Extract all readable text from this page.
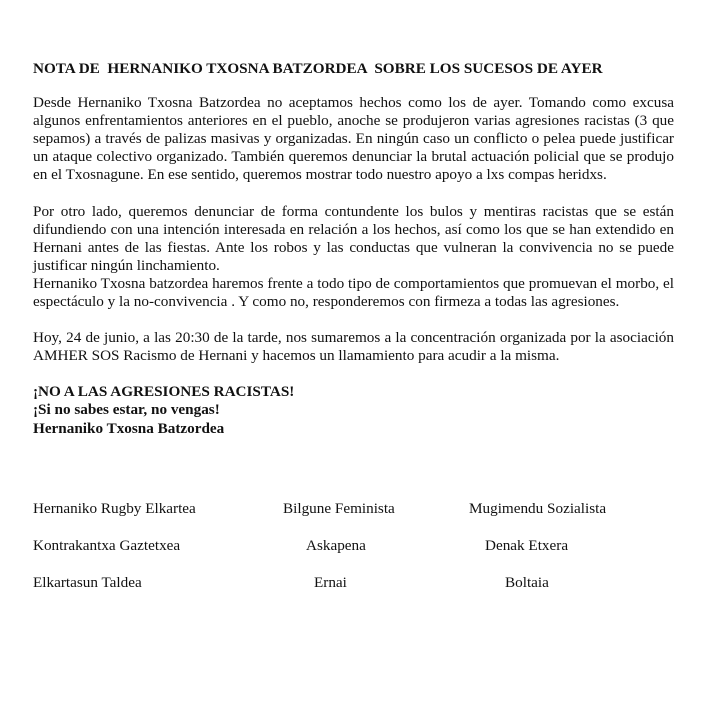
NOTA DE  HERNANIKO TXOSNA BATZORDEA  SOBRE LOS SUCESOS DE AYER

Desde Hernaniko Txosna Batzordea no aceptamos hechos como los de ayer. Tomando como excusa algunos enfrentamientos anteriores en el pueblo, anoche se produjeron varias agresiones racistas (3 que sepamos) a través de palizas masivas y organizadas. En ningún caso un conflicto o pelea puede justificar un ataque colectivo organizado. También queremos denunciar la brutal actuación policial que se produjo en el Txosnagune. En ese sentido, queremos mostrar todo nuestro apoyo a lxs compas heridxs.

Por otro lado, queremos denunciar de forma contundente los bulos y mentiras racistas que se están difundiendo con una intención interesada en relación a los hechos, así como los que se han extendido en Hernani antes de las fiestas. Ante los robos y las conductas que vulneran la convivencia no se puede justificar ningún linchamiento.

Hernaniko Txosna batzordea haremos frente a todo tipo de comportamientos que promuevan el morbo, el espectáculo y la no-convivencia . Y como no, responderemos con firmeza a todas las agresiones.

Hoy, 24 de junio, a las 20:30 de la tarde, nos sumaremos a la concentración organizada por la asociación AMHER SOS Racismo de Hernani y hacemos un llamamiento para acudir a la misma.

¡NO A LAS AGRESIONES RACISTAS!

¡Si no sabes estar, no vengas!

Hernaniko Txosna Batzordea

Hernaniko Rugby Elkartea	Bilgune Feminista	Mugimendu Sozialista
Kontrakantxa Gaztetxea	Askapena	Denak Etxera
Elkartasun Taldea	Ernai	Boltaia
